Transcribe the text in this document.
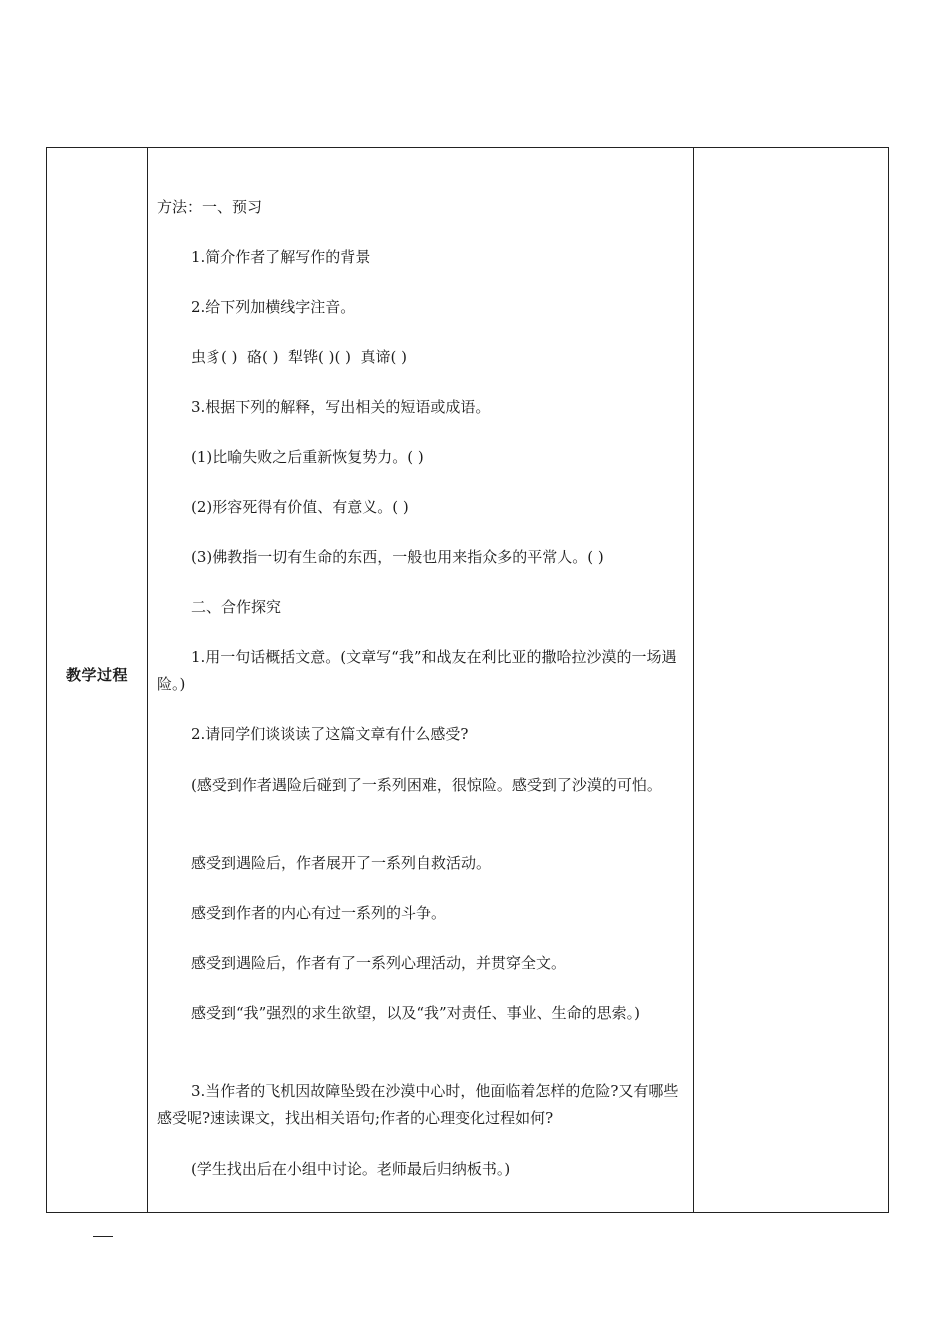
教学过程
方法：一、预习
1.简介作者了解写作的背景
2.给下列加横线字注音。
虫豸( )  硌( )  犁铧( )( )  真谛( )
3.根据下列的解释，写出相关的短语或成语。
(1)比喻失败之后重新恢复势力。( )
(2)形容死得有价值、有意义。( )
(3)佛教指一切有生命的东西，一般也用来指众多的平常人。( )
二、合作探究
1.用一句话概括文意。(文章写“我”和战友在利比亚的撒哈拉沙漠的一场遇险。)
2.请同学们谈谈读了这篇文章有什么感受?
(感受到作者遇险后碰到了一系列困难，很惊险。感受到了沙漠的可怕。
感受到遇险后，作者展开了一系列自救活动。
感受到作者的内心有过一系列的斗争。
感受到遇险后，作者有了一系列心理活动，并贯穿全文。
感受到“我”强烈的求生欲望，以及“我”对责任、事业、生命的思索。)
3.当作者的飞机因故障坠毁在沙漠中心时，他面临着怎样的危险?又有哪些感受呢?速读课文，找出相关语句;作者的心理变化过程如何?
(学生找出后在小组中讨论。老师最后归纳板书。)
